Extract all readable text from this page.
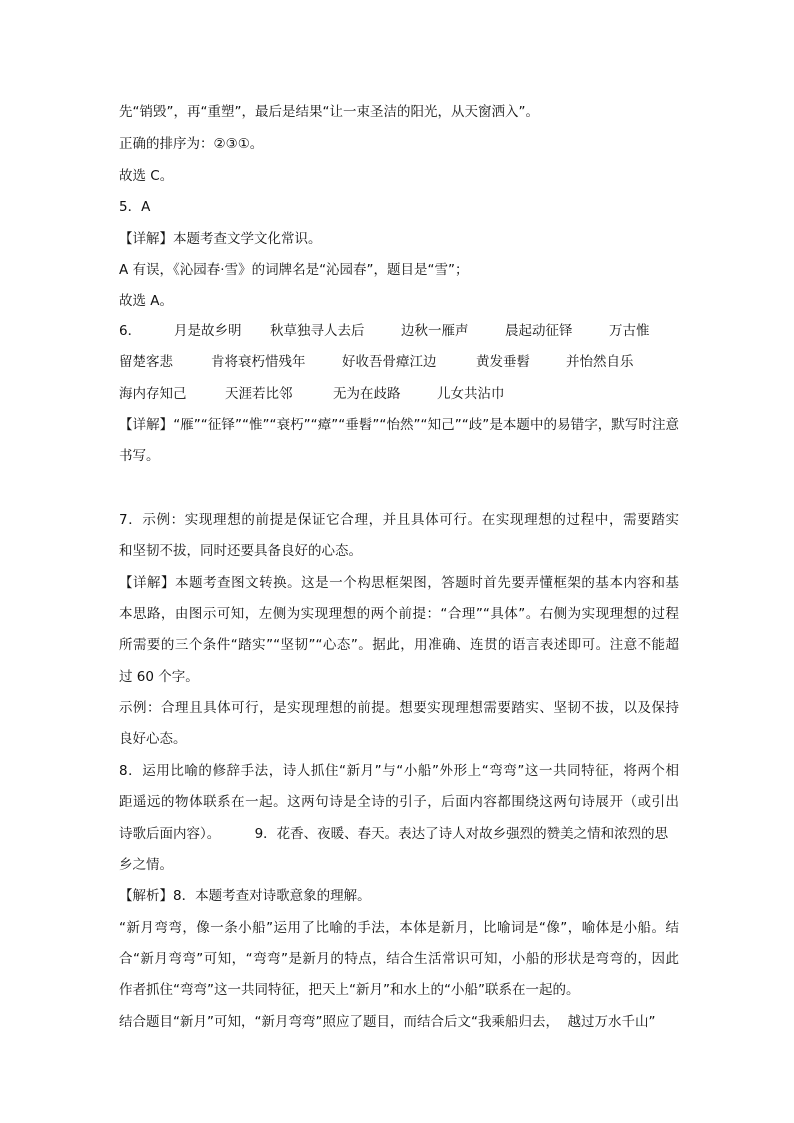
先“销毁”，再“重塑”，最后是结果“让一束圣洁的阳光，从天窗洒入”。
正确的排序为：②③①。
故选 C。
5．A
【详解】本题考查文学文化常识。
A 有误，《沁园春·雪》的词牌名是“沁园春”，题目是“雪”；
故选 A。
6． 月是故乡明 秋草独寻人去后	边秋一雁声	晨起动征铎	万古惟
留楚客悲	肯将衰朽惜残年	好收吾骨瘴江边	黄发垂髫	并怡然自乐
海内存知己	天涯若比邻	无为在歧路	儿女共沾巾
【详解】“雁”“征铎”“惟”“衰朽”“瘴”“垂髫”“怡然”“知己”“歧”是本题中的易错字，默写时注意
书写。
7．示例：实现理想的前提是保证它合理，并且具体可行。在实现理想的过程中，需要踏实
和坚韧不拔，同时还要具备良好的心态。
【详解】本题考查图文转换。这是一个构思框架图，答题时首先要弄懂框架的基本内容和基
本思路，由图示可知，左侧为实现理想的两个前提：“合理”“具体”。右侧为实现理想的过程
所需要的三个条件“踏实”“坚韧”“心态”。据此，用准确、连贯的语言表述即可。注意不能超
过 60 个字。
示例：合理且具体可行，是实现理想的前提。想要实现理想需要踏实、坚韧不拔，以及保持
良好心态。
8．运用比喻的修辞手法，诗人抓住“新月”与“小船”外形上“弯弯”这一共同特征，将两个相
距遥远的物体联系在一起。这两句诗是全诗的引子，后面内容都围绕这两句诗展开（或引出
诗歌后面内容）。        9．花香、夜暖、春天。表达了诗人对故乡强烈的赞美之情和浓烈的思
乡之情。
【解析】8．本题考查对诗歌意象的理解。
“新月弯弯，像一条小船”运用了比喻的手法，本体是新月，比喻词是“像”，喻体是小船。结
合“新月弯弯”可知，“弯弯”是新月的特点，结合生活常识可知，小船的形状是弯弯的，因此
作者抓住“弯弯”这一共同特征，把天上“新月”和水上的“小船”联系在一起的。
结合题目“新月”可知，“新月弯弯”照应了题目，而结合后文“我乘船归去，  越过万水千山”
